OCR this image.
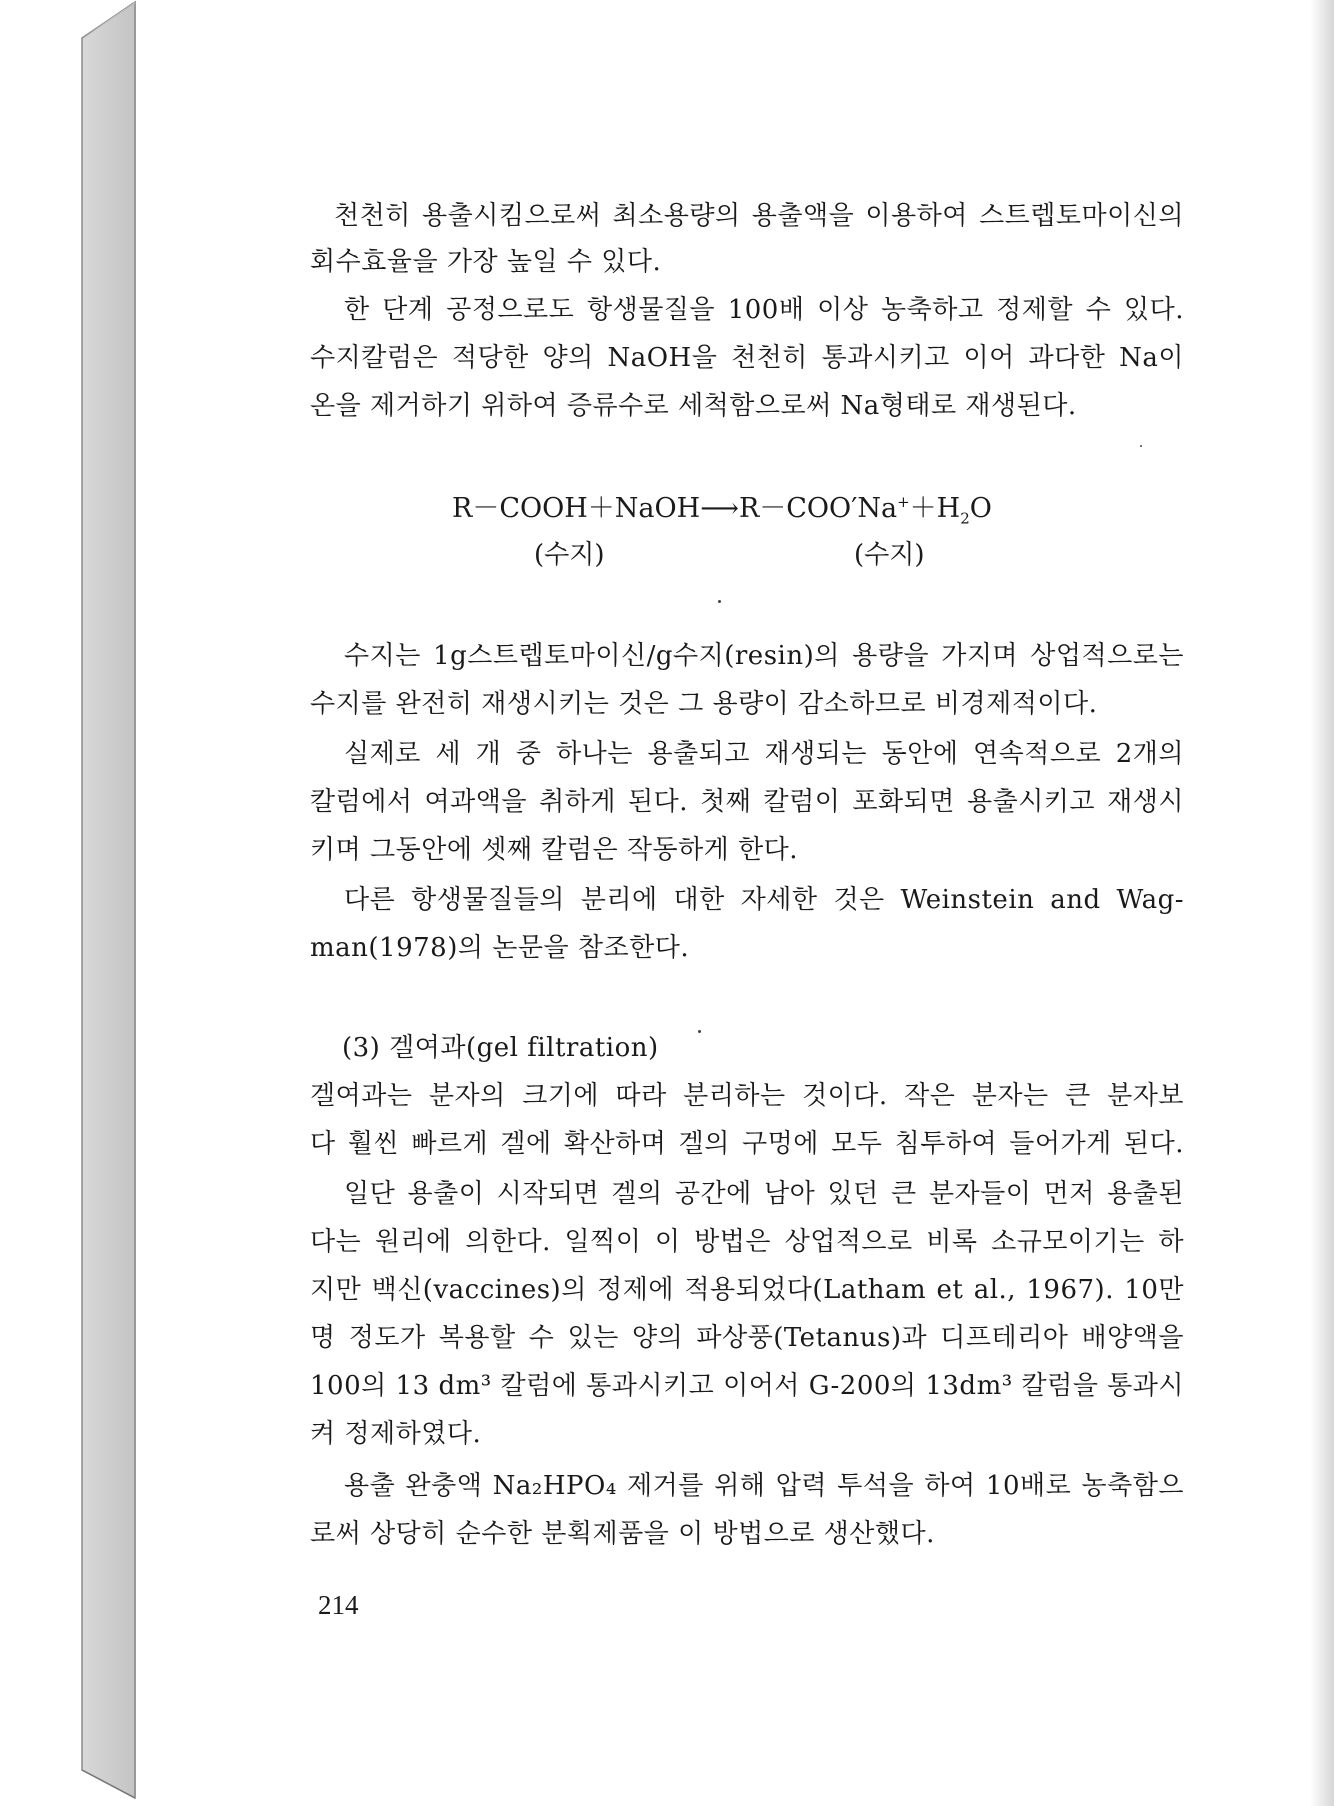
천천히 용출시킴으로써 최소용량의 용출액을 이용하여 스트렙토마이신의
회수효율을 가장 높일 수 있다.
한 단계 공정으로도 항생물질을 100배 이상 농축하고 정제할 수 있다.
수지칼럼은 적당한 양의 NaOH을 천천히 통과시키고 이어 과다한 Na이
온을 제거하기 위하여 증류수로 세척함으로써 Na형태로 재생된다.
수지는 1g스트렙토마이신/g수지(resin)의 용량을 가지며 상업적으로는
수지를 완전히 재생시키는 것은 그 용량이 감소하므로 비경제적이다.
실제로 세 개 중 하나는 용출되고 재생되는 동안에 연속적으로 2개의
칼럼에서 여과액을 취하게 된다. 첫째 칼럼이 포화되면 용출시키고 재생시
키며 그동안에 셋째 칼럼은 작동하게 한다.
다른 항생물질들의 분리에 대한 자세한 것은 Weinstein and Wag-
man(1978)의 논문을 참조한다.
(3) 겔여과(gel filtration)
겔여과는 분자의 크기에 따라 분리하는 것이다. 작은 분자는 큰 분자보
다 훨씬 빠르게 겔에 확산하며 겔의 구멍에 모두 침투하여 들어가게 된다.
일단 용출이 시작되면 겔의 공간에 남아 있던 큰 분자들이 먼저 용출된
다는 원리에 의한다. 일찍이 이 방법은 상업적으로 비록 소규모이기는 하
지만 백신(vaccines)의 정제에 적용되었다(Latham et al., 1967). 10만
명 정도가 복용할 수 있는 양의 파상풍(Tetanus)과 디프테리아 배양액을
100의 13 dm³ 칼럼에 통과시키고 이어서 G-200의 13dm³ 칼럼을 통과시
켜 정제하였다.
용출 완충액 Na₂HPO₄ 제거를 위해 압력 투석을 하여 10배로 농축함으
로써 상당히 순수한 분획제품을 이 방법으로 생산했다.
$R-COOH+NaOH⟶R-COO'Na^++H_2O$
(수지)	(수지)
214
